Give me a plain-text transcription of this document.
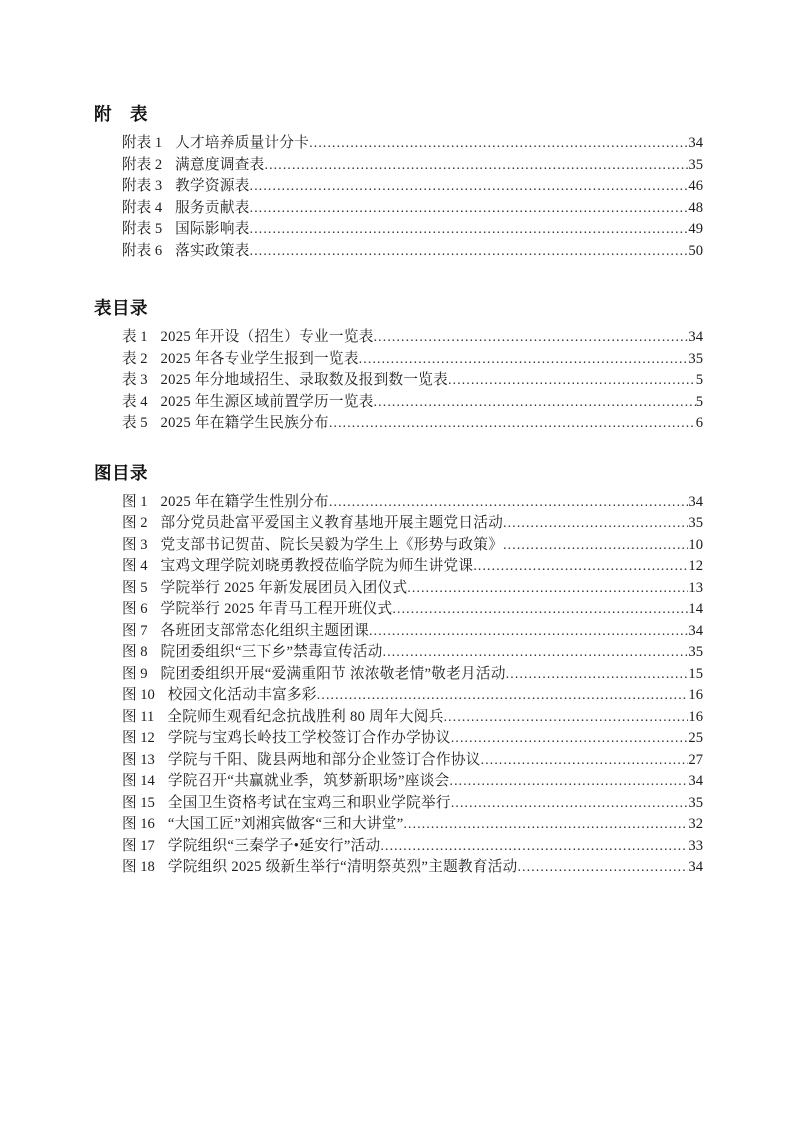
附　表
附表 1 人才培养质量计分卡 .....	34
附表 2 满意度调查表 .....	35
附表 3 教学资源表 .....	46
附表 4 服务贡献表 .....	48
附表 5 国际影响表 .....	49
附表 6 落实政策表 .....	50
表目录
表 1 2025 年开设（招生）专业一览表 .....	34
表 2 2025 年各专业学生报到一览表 .....	35
表 3 2025 年分地域招生、录取数及报到数一览表 .....	5
表 4 2025 年生源区域前置学历一览表 .....	5
表 5 2025 年在籍学生民族分布 .....	6
图目录
图 1 2025 年在籍学生性别分布 .....	34
图 2 部分党员赴富平爱国主义教育基地开展主题党日活动 .....	35
图 3 党支部书记贺苗、院长吴毅为学生上《形势与政策》 .....	10
图 4 宝鸡文理学院刘晓勇教授莅临学院为师生讲党课 .....	12
图 5 学院举行 2025 年新发展团员入团仪式 .....	13
图 6 学院举行 2025 年青马工程开班仪式 .....	14
图 7 各班团支部常态化组织主题团课 .....	34
图 8 院团委组织“三下乡”禁毒宣传活动 .....	35
图 9 院团委组织开展“爱满重阳节 浓浓敬老情”敬老月活动 .....	15
图 10 校园文化活动丰富多彩 .....	16
图 11 全院师生观看纪念抗战胜利 80 周年大阅兵 .....	16
图 12 学院与宝鸡长岭技工学校签订合作办学协议 .....	25
图 13 学院与千阳、陇县两地和部分企业签订合作协议 .....	27
图 14 学院召开“共赢就业季，筑梦新职场”座谈会 .....	34
图 15 全国卫生资格考试在宝鸡三和职业学院举行 .....	35
图 16 “大国工匠”刘湘宾做客“三和大讲堂” .....	32
图 17 学院组织“三秦学子•延安行”活动 .....	33
图 18 学院组织 2025 级新生举行“清明祭英烈”主题教育活动 .....	34
